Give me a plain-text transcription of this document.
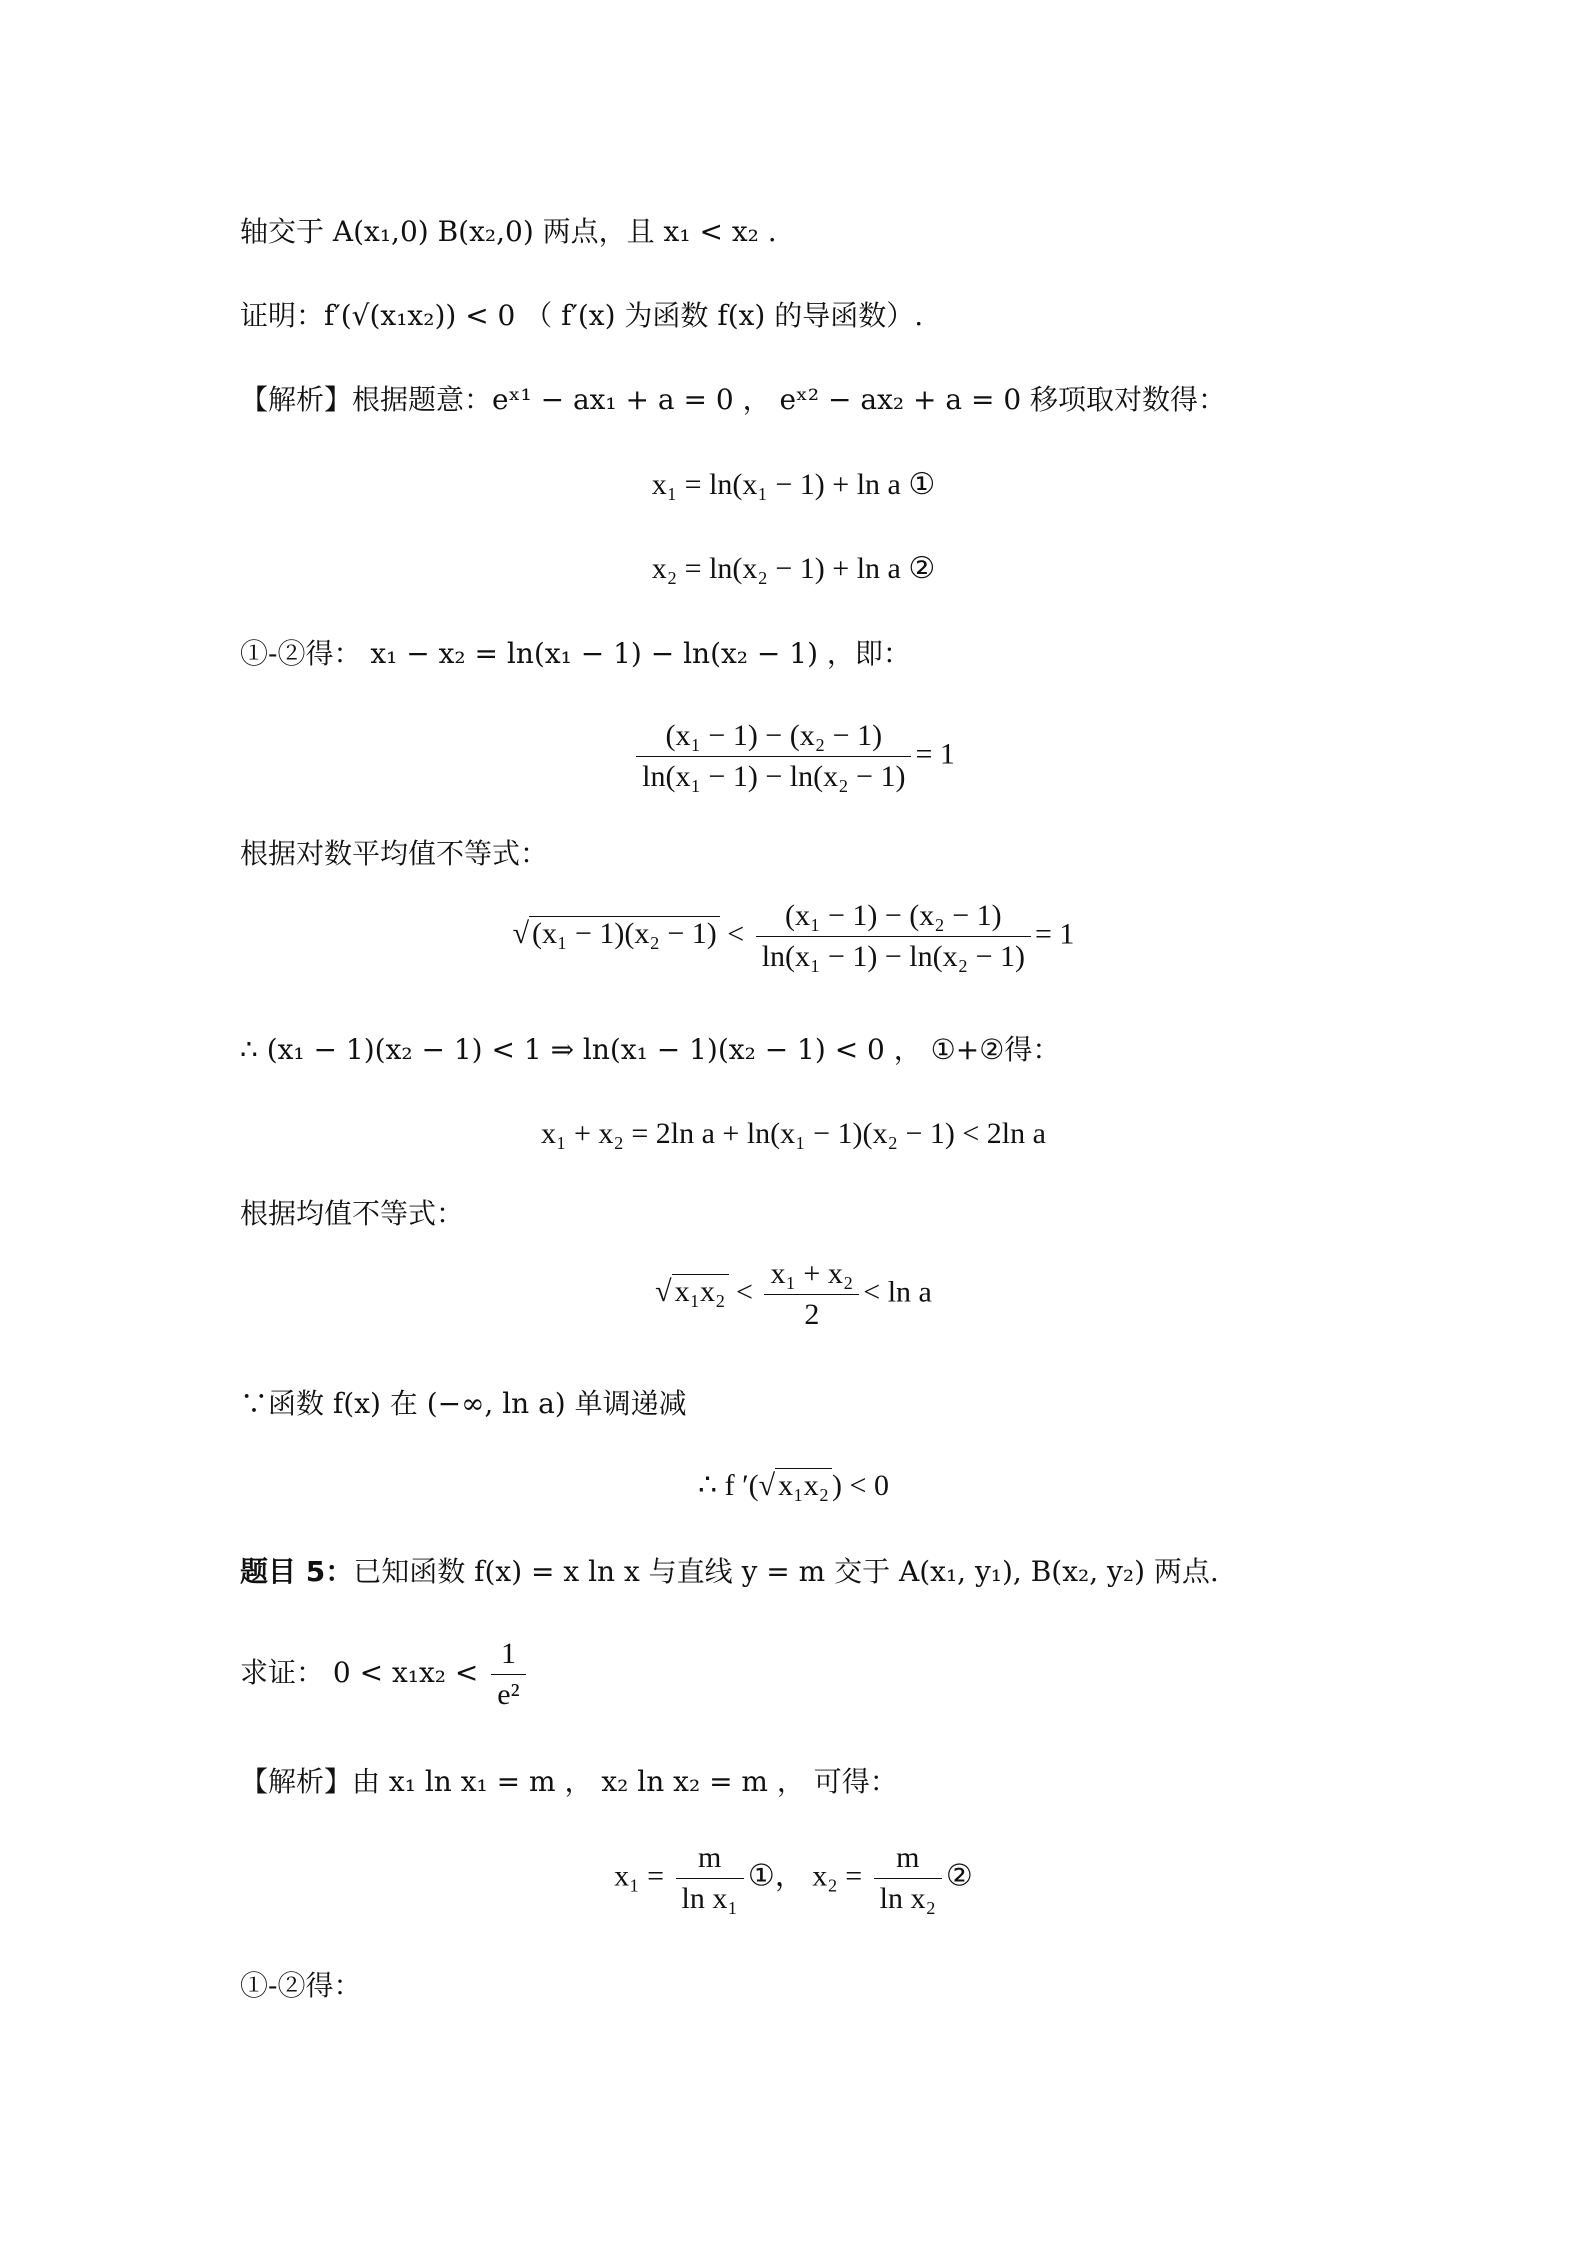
轴交于 A(x₁,0) B(x₂,0) 两点，且 x₁ < x₂ .
证明：f′(√(x₁x₂)) < 0 （ f′(x) 为函数 f(x) 的导函数）.
【解析】根据题意：eˣ¹ − ax₁ + a = 0 ， eˣ² − ax₂ + a = 0 移项取对数得：
x₁ = ln(x₁ − 1) + ln a ①
x₂ = ln(x₂ − 1) + ln a ②
①-②得： x₁ − x₂ = ln(x₁ − 1) − ln(x₂ − 1) ，即：
$\frac{\text{(x₁ − 1) − (x₂ − 1)}}{\text{ln(x₁ − 1) − ln(x₂ − 1)}} = 1$
根据对数平均值不等式：
√ $(x_1 - 1)(x_2 - 1) < \frac{\text{(x₁ − 1) − (x₂ − 1)}}{\text{ln(x₁ − 1) − ln(x₂ − 1)}} = 1$
∴ (x₁ − 1)(x₂ − 1) < 1 ⇒ ln(x₁ − 1)(x₂ − 1) < 0 ， ①+②得：
x₁ + x₂ = 2ln a + ln(x₁ − 1)(x₂ − 1) < 2ln a
根据均值不等式：
√ $x_1x_2 < \frac{\text{x₁ + x₂}}{2} < \ln a$
∵函数 f(x) 在 (−∞, ln a) 单调递减
∴ f ′(√ x₁x₂ ) < 0
题目 5：已知函数 f(x) = x ln x 与直线 y = m 交于 A(x₁, y₁), B(x₂, y₂) 两点.
求证： $0 < x_1x_2 < \frac{1}{\text{e²}}$
【解析】由 x₁ ln x₁ = m ， x₂ ln x₂ = m ， 可得：
$x_1 = \frac{m}{\text{ln x₁}}$ ①， $x_2 = \frac{m}{\text{ln x₂}}$ ②
①-②得：
